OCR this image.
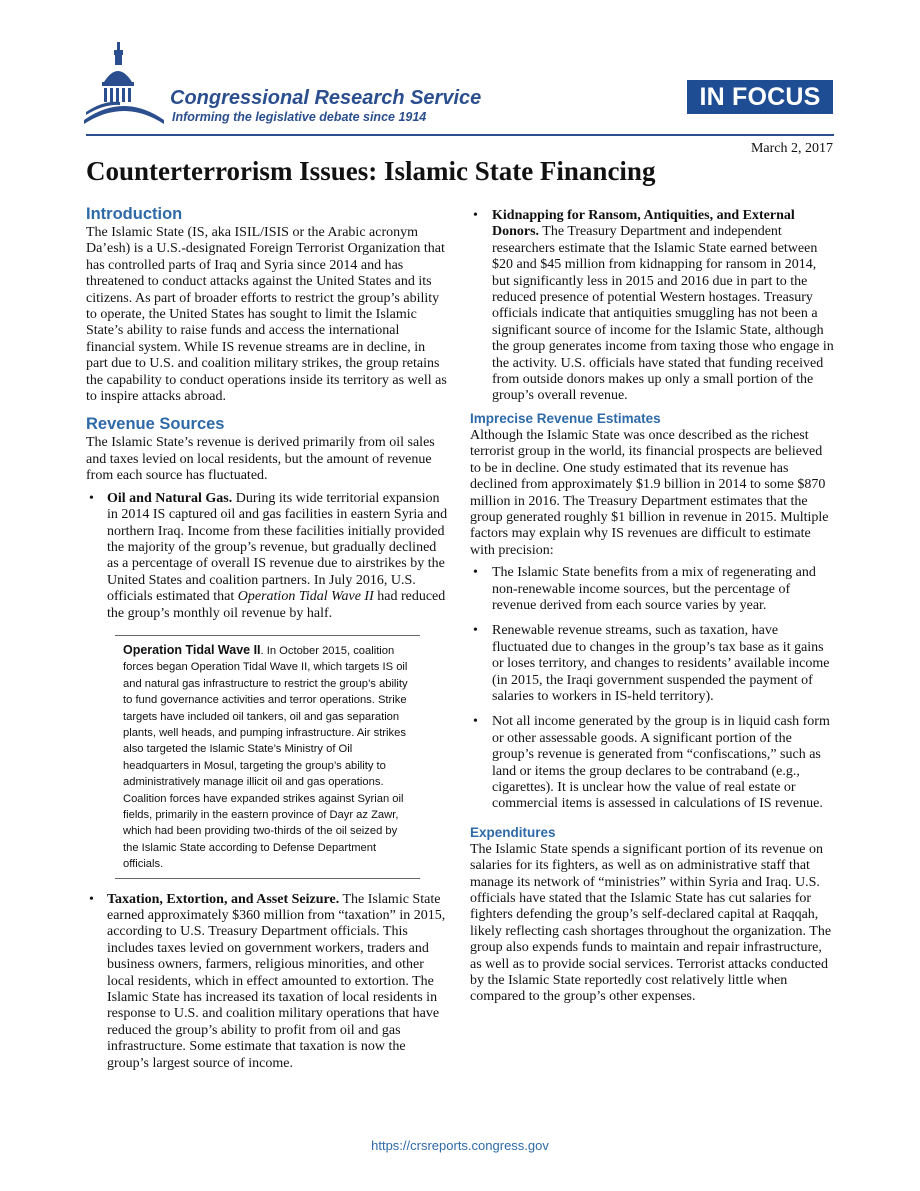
Congressional Research Service
Informing the legislative debate since 1914
IN FOCUS
March 2, 2017
Counterterrorism Issues: Islamic State Financing
Introduction

The Islamic State (IS, aka ISIL/ISIS or the Arabic acronym Da’esh) is a U.S.-designated Foreign Terrorist Organization that has controlled parts of Iraq and Syria since 2014 and has threatened to conduct attacks against the United States and its citizens. As part of broader efforts to restrict the group’s ability to operate, the United States has sought to limit the Islamic State’s ability to raise funds and access the international financial system. While IS revenue streams are in decline, in part due to U.S. and coalition military strikes, the group retains the capability to conduct operations inside its territory as well as to inspire attacks abroad.

Revenue Sources

The Islamic State’s revenue is derived primarily from oil sales and taxes levied on local residents, but the amount of revenue from each source has fluctuated.

• Oil and Natural Gas. During its wide territorial expansion in 2014 IS captured oil and gas facilities in eastern Syria and northern Iraq. Income from these facilities initially provided the majority of the group’s revenue, but gradually declined as a percentage of overall IS revenue due to airstrikes by the United States and coalition partners. In July 2016, U.S. officials estimated that Operation Tidal Wave II had reduced the group’s monthly oil revenue by half.
Operation Tidal Wave II. In October 2015, coalition forces began Operation Tidal Wave II, which targets IS oil and natural gas infrastructure to restrict the group’s ability to fund governance activities and terror operations. Strike targets have included oil tankers, oil and gas separation plants, well heads, and pumping infrastructure. Air strikes also targeted the Islamic State’s Ministry of Oil headquarters in Mosul, targeting the group’s ability to administratively manage illicit oil and gas operations. Coalition forces have expanded strikes against Syrian oil fields, primarily in the eastern province of Dayr az Zawr, which had been providing two-thirds of the oil seized by the Islamic State according to Defense Department officials.
• Taxation, Extortion, and Asset Seizure. The Islamic State earned approximately $360 million from “taxation” in 2015, according to U.S. Treasury Department officials. This includes taxes levied on government workers, traders and business owners, farmers, religious minorities, and other local residents, which in effect amounted to extortion. The Islamic State has increased its taxation of local residents in response to U.S. and coalition military operations that have reduced the group’s ability to profit from oil and gas infrastructure. Some estimate that taxation is now the group’s largest source of income.
• Kidnapping for Ransom, Antiquities, and External Donors. The Treasury Department and independent researchers estimate that the Islamic State earned between $20 and $45 million from kidnapping for ransom in 2014, but significantly less in 2015 and 2016 due in part to the reduced presence of potential Western hostages. Treasury officials indicate that antiquities smuggling has not been a significant source of income for the Islamic State, although the group generates income from taxing those who engage in the activity. U.S. officials have stated that funding received from outside donors makes up only a small portion of the group’s overall revenue.
Imprecise Revenue Estimates

Although the Islamic State was once described as the richest terrorist group in the world, its financial prospects are believed to be in decline. One study estimated that its revenue has declined from approximately $1.9 billion in 2014 to some $870 million in 2016. The Treasury Department estimates that the group generated roughly $1 billion in revenue in 2015. Multiple factors may explain why IS revenues are difficult to estimate with precision:

• The Islamic State benefits from a mix of regenerating and non-renewable income sources, but the percentage of revenue derived from each source varies by year.
• Renewable revenue streams, such as taxation, have fluctuated due to changes in the group’s tax base as it gains or loses territory, and changes to residents’ available income (in 2015, the Iraqi government suspended the payment of salaries to workers in IS-held territory).
• Not all income generated by the group is in liquid cash form or other assessable goods. A significant portion of the group’s revenue is generated from “confiscations,” such as land or items the group declares to be contraband (e.g., cigarettes). It is unclear how the value of real estate or commercial items is assessed in calculations of IS revenue.
Expenditures

The Islamic State spends a significant portion of its revenue on salaries for its fighters, as well as on administrative staff that manage its network of “ministries” within Syria and Iraq. U.S. officials have stated that the Islamic State has cut salaries for fighters defending the group’s self-declared capital at Raqqah, likely reflecting cash shortages throughout the organization. The group also expends funds to maintain and repair infrastructure, as well as to provide social services. Terrorist attacks conducted by the Islamic State reportedly cost relatively little when compared to the group’s other expenses.

https://crsreports.congress.gov
